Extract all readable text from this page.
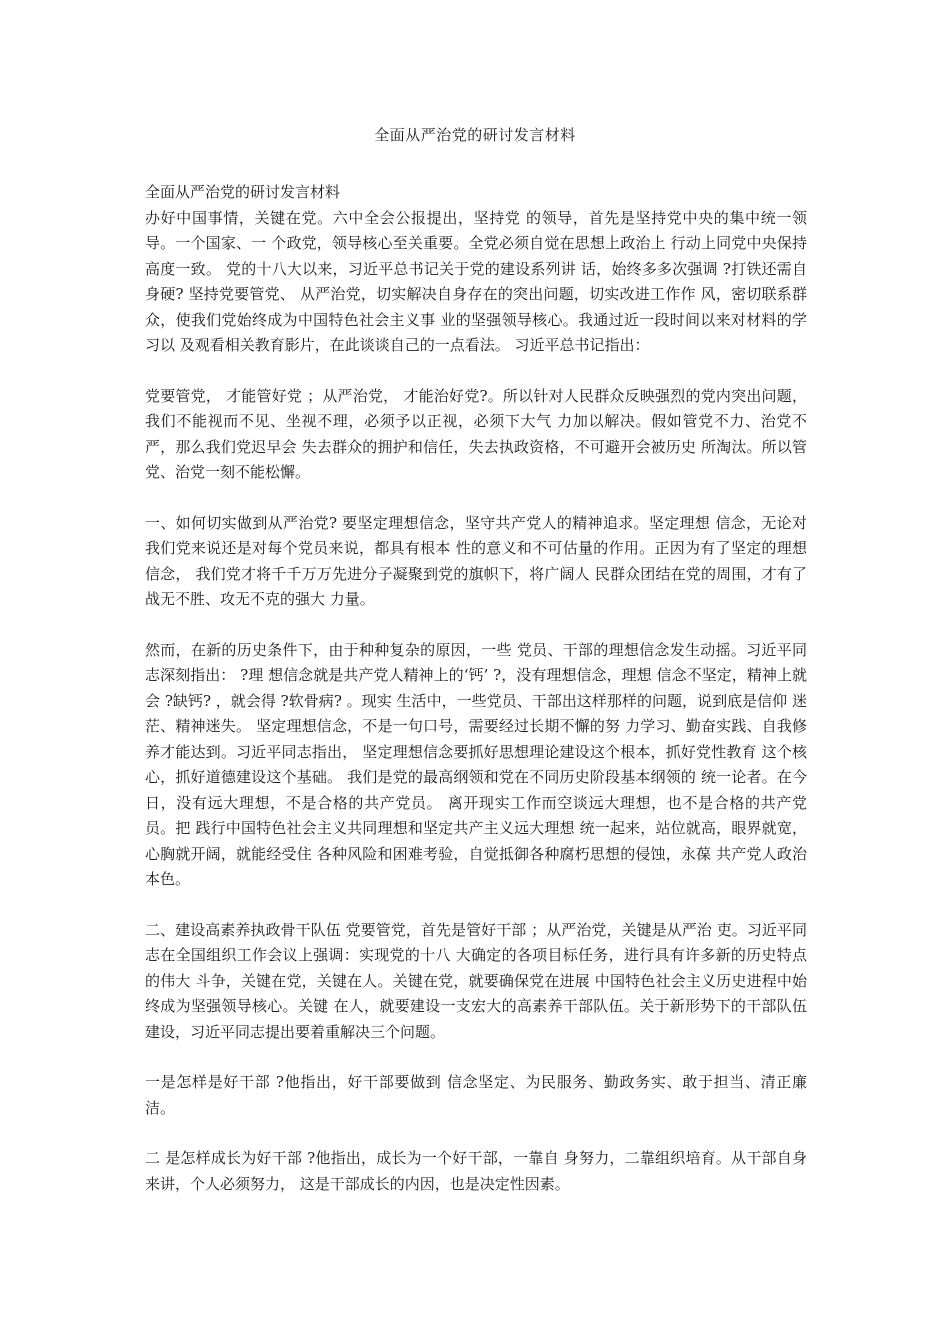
全面从严治党的研讨发言材料

全面从严治党的研讨发言材料

办好中国事情，关键在党。六中全会公报提出，坚持党 的领导，首先是坚持党中央的集中统一领导。一个国家、一 个政党，领导核心至关重要。全党必须自觉在思想上政治上 行动上同党中央保持高度一致。 党的十八大以来，习近平总书记关于党的建设系列讲 话，始终多多次强调 ?打铁还需自身硬? 坚持党要管党、 从严治党，切实解决自身存在的突出问题，切实改进工作作 风，密切联系群众，使我们党始终成为中国特色社会主义事 业的坚强领导核心。我通过近一段时间以来对材料的学习以 及观看相关教育影片，在此谈谈自己的一点看法。 习近平总书记指出：

党要管党， 才能管好党 ；从严治党， 才能治好党?。所以针对人民群众反映强烈的党内突出问题， 我们不能视而不见、坐视不理，必须予以正视，必须下大气 力加以解决。假如管党不力、治党不严，那么我们党迟早会 失去群众的拥护和信任，失去执政资格，不可避开会被历史 所淘汰。所以管党、治党一刻不能松懈。

一、如何切实做到从严治党? 要坚定理想信念，坚守共产党人的精神追求。坚定理想 信念，无论对我们党来说还是对每个党员来说，都具有根本 性的意义和不可估量的作用。正因为有了坚定的理想信念， 我们党才将千千万万先进分子凝聚到党的旗帜下，将广阔人 民群众团结在党的周围，才有了战无不胜、攻无不克的强大 力量。

然而，在新的历史条件下，由于种种复杂的原因，一些 党员、干部的理想信念发生动摇。习近平同志深刻指出： ?理 想信念就是共产党人精神上的‘钙’ ?，没有理想信念，理想 信念不坚定，精神上就会 ?缺钙? ，就会得 ?软骨病? 。现实 生活中，一些党员、干部出这样那样的问题，说到底是信仰 迷茫、精神迷失。 坚定理想信念，不是一句口号，需要经过长期不懈的努 力学习、勤奋实践、自我修养才能达到。习近平同志指出， 坚定理想信念要抓好思想理论建设这个根本，抓好党性教育 这个核心，抓好道德建设这个基础。 我们是党的最高纲领和党在不同历史阶段基本纲领的 统一论者。在今日，没有远大理想，不是合格的共产党员。 离开现实工作而空谈远大理想，也不是合格的共产党员。把 践行中国特色社会主义共同理想和坚定共产主义远大理想 统一起来，站位就高，眼界就宽，心胸就开阔，就能经受住 各种风险和困难考验，自觉抵御各种腐朽思想的侵蚀，永葆 共产党人政治本色。

二、建设高素养执政骨干队伍 党要管党，首先是管好干部 ；从严治党，关键是从严治 吏。习近平同志在全国组织工作会议上强调：实现党的十八 大确定的各项目标任务，进行具有许多新的历史特点的伟大 斗争，关键在党，关键在人。关键在党，就要确保党在进展 中国特色社会主义历史进程中始终成为坚强领导核心。关键 在人，就要建设一支宏大的高素养干部队伍。关于新形势下的干部队伍建设，习近平同志提出要着重解决三个问题。

一是怎样是好干部 ?他指出，好干部要做到 信念坚定、为民服务、勤政务实、敢于担当、清正廉洁。

二 是怎样成长为好干部 ?他指出，成长为一个好干部，一靠自 身努力，二靠组织培育。从干部自身来讲，个人必须努力， 这是干部成长的内因，也是决定性因素。
